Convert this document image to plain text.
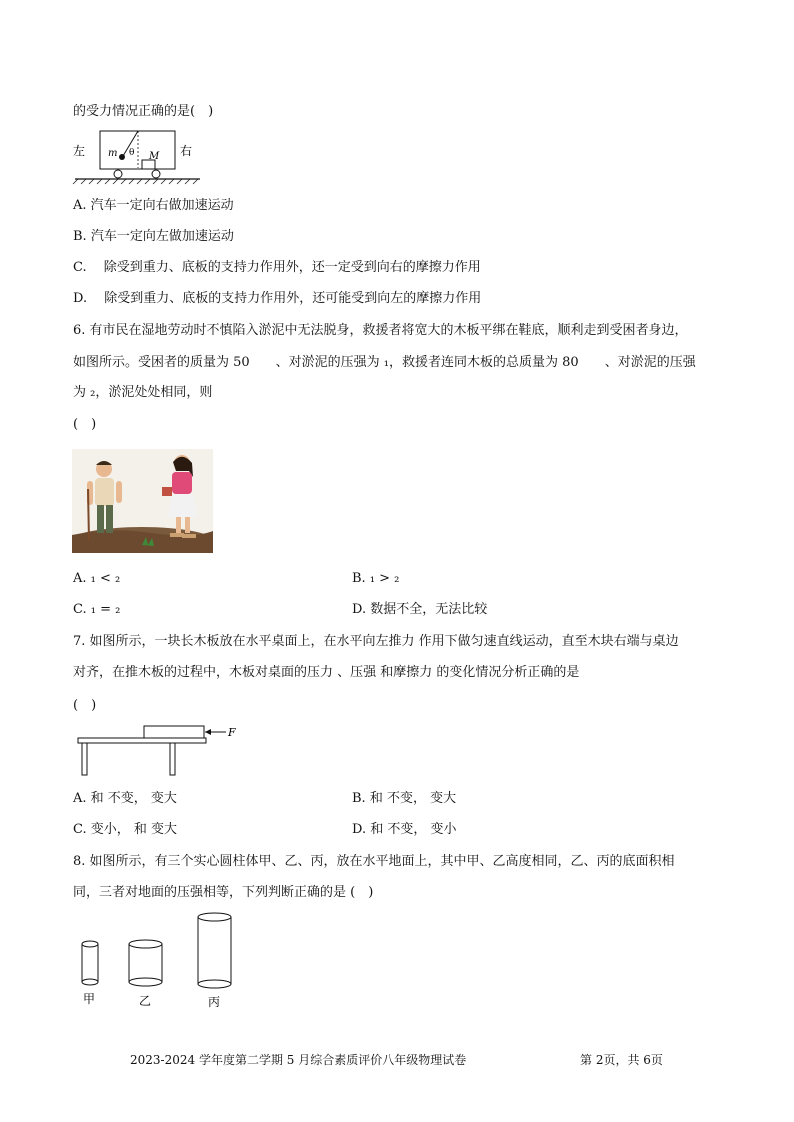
的受力情况正确的是(　)
左	右
m θ M
A. 汽车一定向右做加速运动
B. 汽车一定向左做加速运动
C.　 除受到重力、底板的支持力作用外，还一定受到向右的摩擦力作用
D.　 除受到重力、底板的支持力作用外，还可能受到向左的摩擦力作用
6. 有市民在湿地劳动时不慎陷入淤泥中无法脱身，救援者将宽大的木板平绑在鞋底，顺利走到受困者身边，
如图所示。受困者的质量为 50　　、对淤泥的压强为 ₁，救援者连同木板的总质量为 80　　、对淤泥的压强
为 ₂，淤泥处处相同，则
(　)
A. ₁ < ₂	B. ₁ > ₂
C. ₁ = ₂	D. 数据不全，无法比较
7. 如图所示，一块长木板放在水平桌面上，在水平向左推力 作用下做匀速直线运动，直至木块右端与桌边
对齐，在推木板的过程中，木板对桌面的压力 、压强 和摩擦力 的变化情况分析正确的是
(　)
F
A. 和 不变， 变大	B. 和 不变， 变大
C. 变小， 和 变大	D. 和 不变， 变小
8. 如图所示，有三个实心圆柱体甲、乙、丙，放在水平地面上，其中甲、乙高度相同，乙、丙的底面积相
同，三者对地面的压强相等，下列判断正确的是 (　)
甲	乙	丙
2023-2024 学年度第二学期 5 月综合素质评价八年级物理试卷	第 2页，共 6页
